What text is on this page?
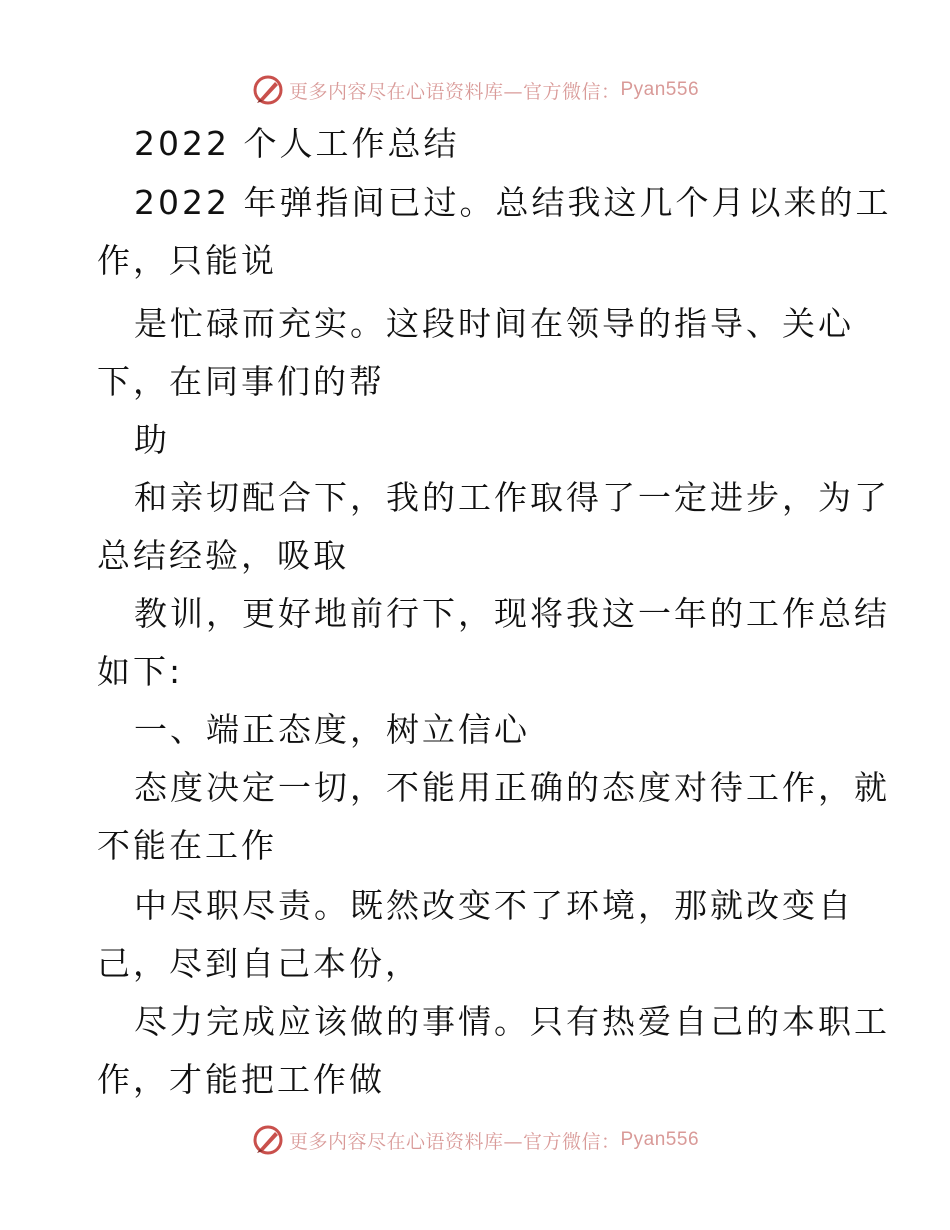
更多内容尽在心语资料库—官方微信： Pyan556
2022 个人工作总结
2022 年弹指间已过。总结我这几个月以来的工
作，只能说
是忙碌而充实。这段时间在领导的指导、关心
下，在同事们的帮
助
和亲切配合下，我的工作取得了一定进步，为了
总结经验，吸取
教训，更好地前行下，现将我这一年的工作总结
如下:
一、端正态度，树立信心
态度决定一切，不能用正确的态度对待工作，就
不能在工作
中尽职尽责。既然改变不了环境，那就改变自
己，尽到自己本份，
尽力完成应该做的事情。只有热爱自己的本职工
作，才能把工作做
更多内容尽在心语资料库—官方微信： Pyan556
